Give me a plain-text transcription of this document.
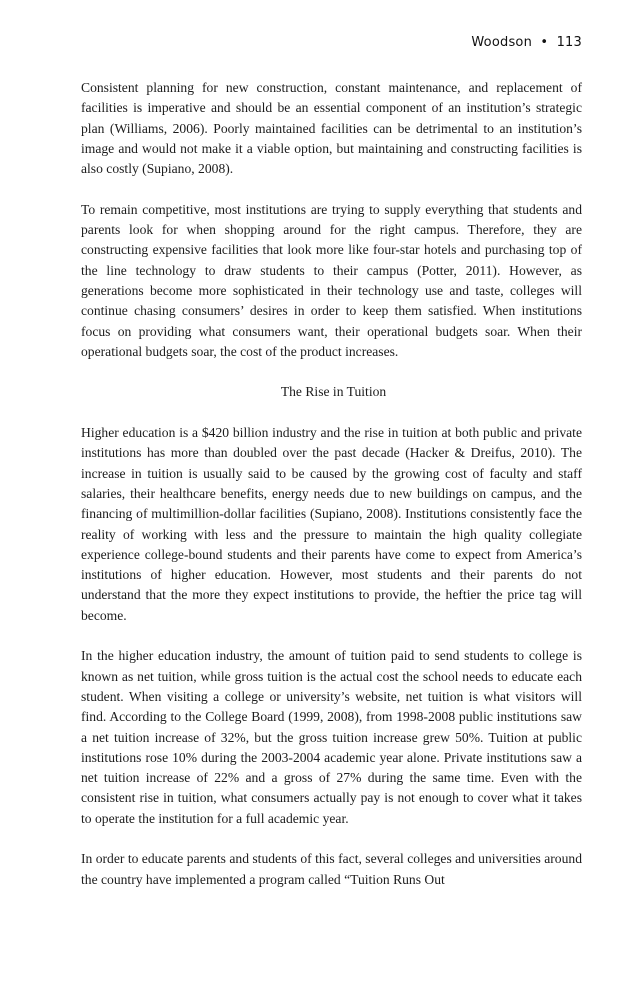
Woodson • 113

Consistent planning for new construction, constant maintenance, and replacement of facilities is imperative and should be an essential component of an institution’s strategic plan (Williams, 2006). Poorly maintained facilities can be detrimental to an institution’s image and would not make it a viable option, but maintaining and constructing facilities is also costly (Supiano, 2008).

To remain competitive, most institutions are trying to supply everything that students and parents look for when shopping around for the right campus. Therefore, they are constructing expensive facilities that look more like four-star hotels and purchasing top of the line technology to draw students to their campus (Potter, 2011). However, as generations become more sophisticated in their technology use and taste, colleges will continue chasing consumers’ desires in order to keep them satisfied. When institutions focus on providing what consumers want, their operational budgets soar. When their operational budgets soar, the cost of the product increases.

The Rise in Tuition

Higher education is a $420 billion industry and the rise in tuition at both public and private institutions has more than doubled over the past decade (Hacker & Dreifus, 2010). The increase in tuition is usually said to be caused by the growing cost of faculty and staff salaries, their healthcare benefits, energy needs due to new buildings on campus, and the financing of multimillion-dollar facilities (Supiano, 2008). Institutions consistently face the reality of working with less and the pressure to maintain the high quality collegiate experience college-bound students and their parents have come to expect from America’s institutions of higher education. However, most students and their parents do not understand that the more they expect institutions to provide, the heftier the price tag will become.

In the higher education industry, the amount of tuition paid to send students to college is known as net tuition, while gross tuition is the actual cost the school needs to educate each student. When visiting a college or university’s website, net tuition is what visitors will find. According to the College Board (1999, 2008), from 1998-2008 public institutions saw a net tuition increase of 32%, but the gross tuition increase grew 50%. Tuition at public institutions rose 10% during the 2003-2004 academic year alone. Private institutions saw a net tuition increase of 22% and a gross of 27% during the same time. Even with the consistent rise in tuition, what consumers actually pay is not enough to cover what it takes to operate the institution for a full academic year.

In order to educate parents and students of this fact, several colleges and universities around the country have implemented a program called “Tuition Runs Out
